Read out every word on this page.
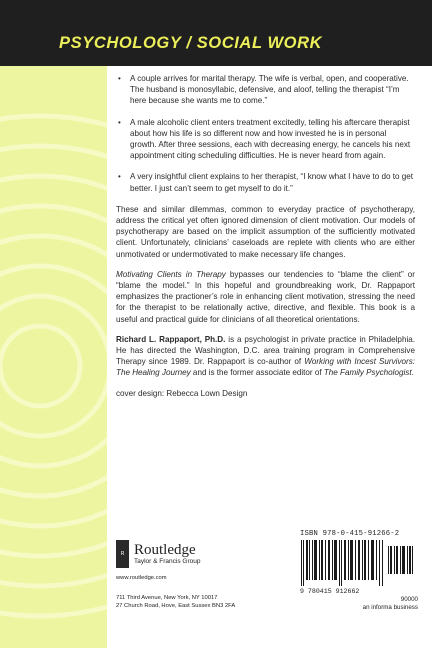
PSYCHOLOGY / SOCIAL WORK
• A couple arrives for marital therapy. The wife is verbal, open, and cooperative. The husband is monosyllabic, defensive, and aloof, telling the therapist “I’m here because she wants me to come.”
• A male alcoholic client enters treatment excitedly, telling his aftercare therapist about how his life is so different now and how invested he is in personal growth. After three sessions, each with decreasing energy, he cancels his next appointment citing scheduling difficulties. He is never heard from again.
• A very insightful client explains to her therapist, “I know what I have to do to get better. I just can’t seem to get myself to do it.”

These and similar dilemmas, common to everyday practice of psychotherapy, address the critical yet often ignored dimension of client motivation. Our models of psychotherapy are based on the implicit assumption of the sufficiently motivated client. Unfortunately, clinicians’ caseloads are replete with clients who are either unmotivated or undermotivated to make necessary life changes.

Motivating Clients in Therapy bypasses our tendencies to “blame the client” or “blame the model.” In this hopeful and groundbreaking work, Dr. Rappaport emphasizes the practioner’s role in enhancing client motivation, stressing the need for the therapist to be relationally active, directive, and flexible. This book is a useful and practical guide for clinicians of all theoretical orientations.

Richard L. Rappaport, Ph.D. is a psychologist in private practice in Philadelphia. He has directed the Washington, D.C. area training program in Comprehensive Therapy since 1989. Dr. Rappaport is co-author of Working with Incest Survivors: The Healing Journey and is the former associate editor of The Family Psychologist.

cover design: Rebecca Lown Design

R Routledge
Taylor & Francis Group
www.routledge.com
711 Third Avenue, New York, NY 10017
27 Church Road, Hove, East Sussex BN3 2FA
ISBN 978-0-415-91266-2
9 780415 912662
90000
an informa business
